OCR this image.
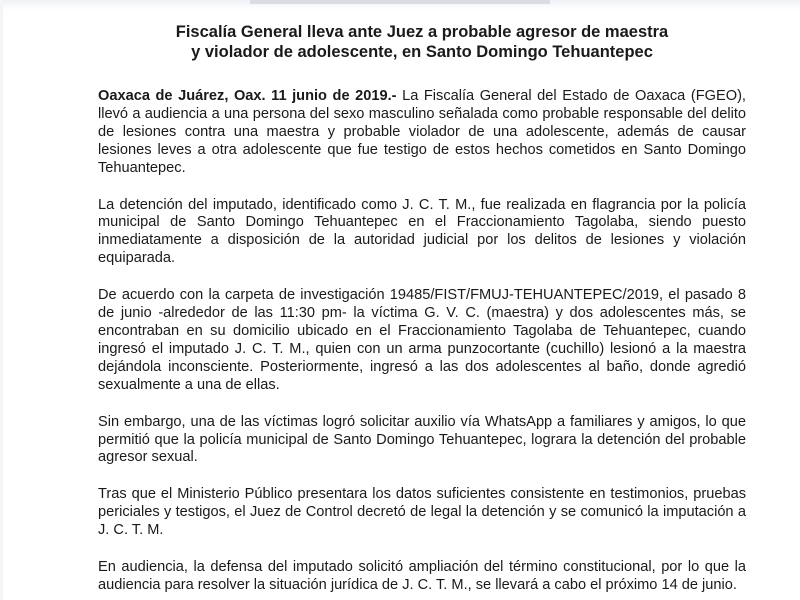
Fiscalía General lleva ante Juez a probable agresor de maestra
y violador de adolescente, en Santo Domingo Tehuantepec

Oaxaca de Juárez, Oax. 11 junio de 2019.- La Fiscalía General del Estado de Oaxaca (FGEO), llevó a audiencia a una persona del sexo masculino señalada como probable responsable del delito de lesiones contra una maestra y probable violador de una adolescente, además de causar lesiones leves a otra adolescente que fue testigo de estos hechos cometidos en Santo Domingo Tehuantepec.

La detención del imputado, identificado como J. C. T. M., fue realizada en flagrancia por la policía municipal de Santo Domingo Tehuantepec en el Fraccionamiento Tagolaba, siendo puesto inmediatamente a disposición de la autoridad judicial por los delitos de lesiones y violación equiparada.

De acuerdo con la carpeta de investigación 19485/FIST/FMUJ-TEHUANTEPEC/2019, el pasado 8 de junio -alrededor de las 11:30 pm- la víctima G. V. C. (maestra) y dos adolescentes más, se encontraban en su domicilio ubicado en el Fraccionamiento Tagolaba de Tehuantepec, cuando ingresó el imputado J. C. T. M., quien con un arma punzocortante (cuchillo) lesionó a la maestra dejándola inconsciente. Posteriormente, ingresó a las dos adolescentes al baño, donde agredió sexualmente a una de ellas.

Sin embargo, una de las víctimas logró solicitar auxilio vía WhatsApp a familiares y amigos, lo que permitió que la policía municipal de Santo Domingo Tehuantepec, lograra la detención del probable agresor sexual.

Tras que el Ministerio Público presentara los datos suficientes consistente en testimonios, pruebas periciales y testigos, el Juez de Control decretó de legal la detención y se comunicó la imputación a J. C. T. M.

En audiencia, la defensa del imputado solicitó ampliación del término constitucional, por lo que la audiencia para resolver la situación jurídica de J. C. T. M., se llevará a cabo el próximo 14 de junio.
